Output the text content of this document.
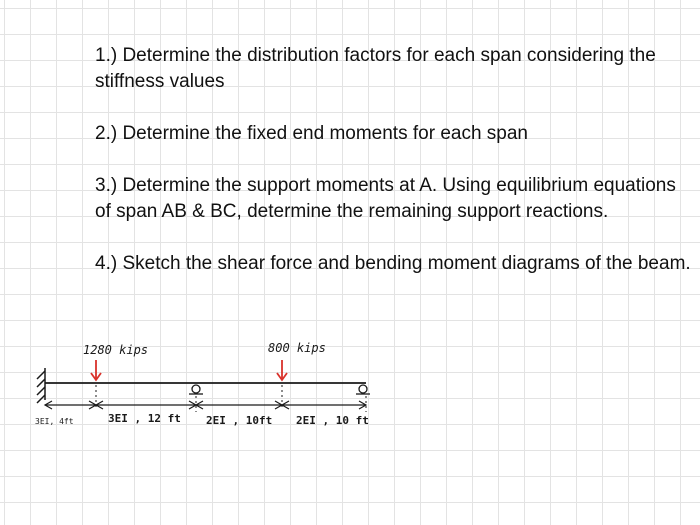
1.) Determine the distribution factors for each span considering the stiffness values

2.) Determine the fixed end moments for each span

3.) Determine the support moments at A. Using equilibrium equations of span AB & BC, determine the remaining support reactions.

4.) Sketch the shear force and bending moment diagrams of the beam.

1280 kips	800 kips
3EI, 4ft	3EI , 12 ft 2EI , 10ft 2EI , 10 ft
